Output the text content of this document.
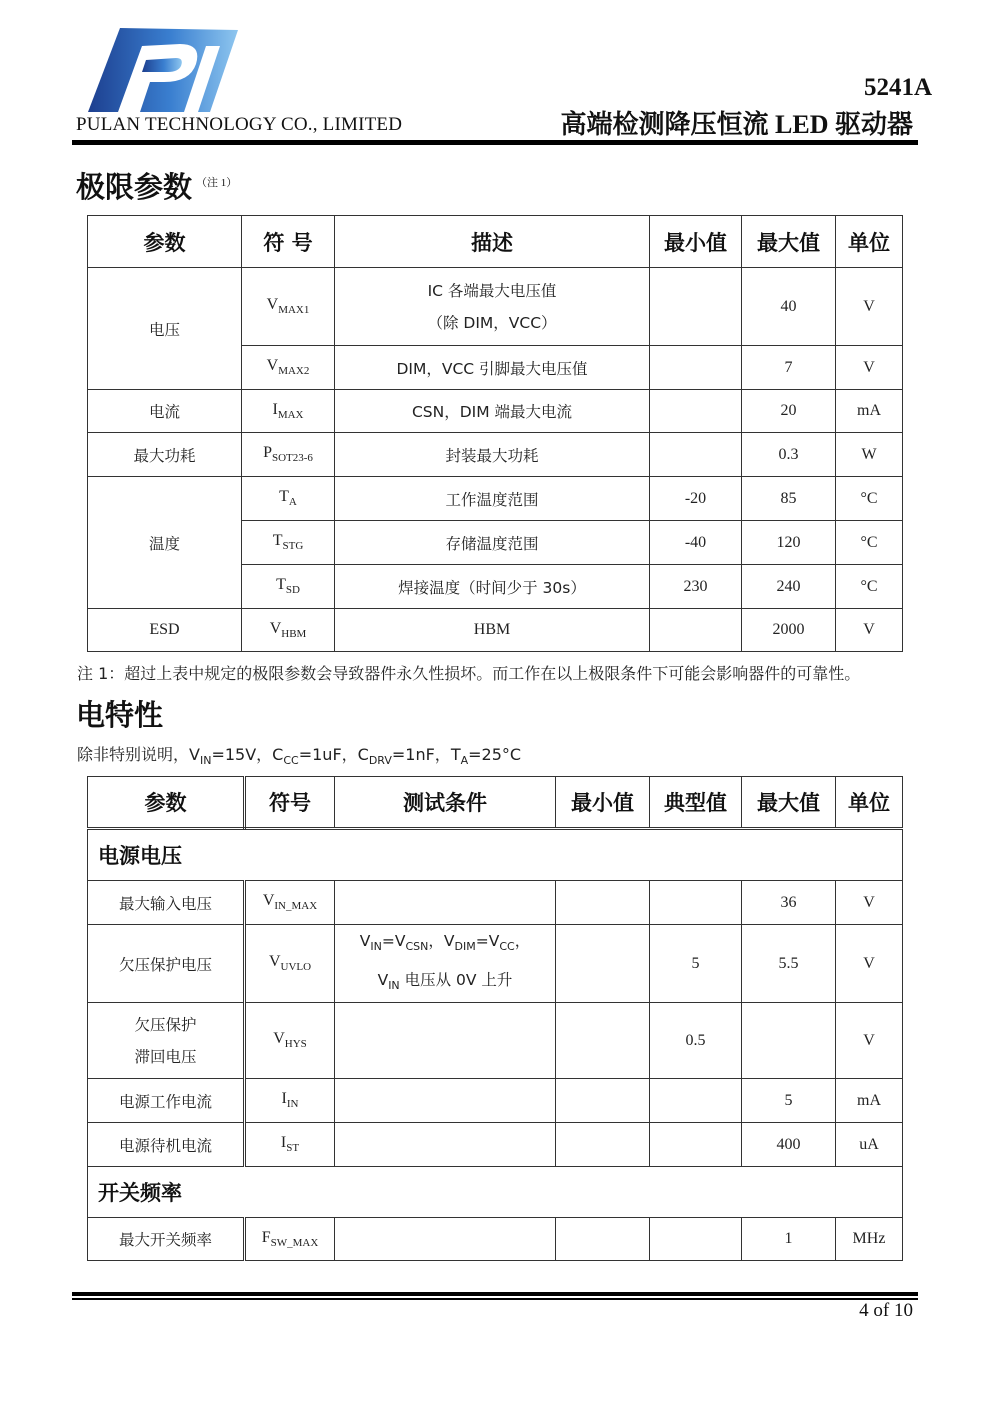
PULAN TECHNOLOGY CO., LIMITED
5241A
高端检测降压恒流 LED 驱动器
极限参数 $^{(注 1)}$
参数	符 号	描述	最小值	最大值	单位
电压	$V_{MAX1}$	IC 各端最大电压值
（除 DIM，VCC）		40	V
	$V_{MAX2}$	DIM，VCC 引脚最大电压值		7	V
电流	$I_{MAX}$	CSN，DIM 端最大电流		20	mA
最大功耗	$P_{SOT23-6}$	封装最大功耗		0.3	W
温度	$T_A$	工作温度范围	-20	85	°C
	$T_{STG}$	存储温度范围	-40	120	°C
	$T_{SD}$	焊接温度（时间少于 30s）	230	240	°C
ESD	$V_{HBM}$	HBM		2000	V
注 1：超过上表中规定的极限参数会导致器件永久性损坏。而工作在以上极限条件下可能会影响器件的可靠性。
电特性
除非特别说明，$V_{IN}=15V$，$C_{CC}=1uF$，$C_{DRV}=1nF$，$T_A=25^\circ C$
参数	符号	测试条件	最小值	典型值	最大值	单位
电源电压						
最大输入电压	$V_{IN\_MAX}$				36	V
欠压保护电压	$V_{UVLO}$	$V_{IN}=V_{CSN}$，$V_{DIM}=V_{CC}$，
$V_{IN}$ 电压从 0V 上升		5	5.5	V

欠压保护
滞回电压	$V_{HYS}$			0.5		V
电源工作电流	$I_{IN}$				5	mA
电源待机电流	$I_{ST}$				400	uA
开关频率						
最大开关频率	$F_{SW\_MAX}$				1	MHz
4 of 10
